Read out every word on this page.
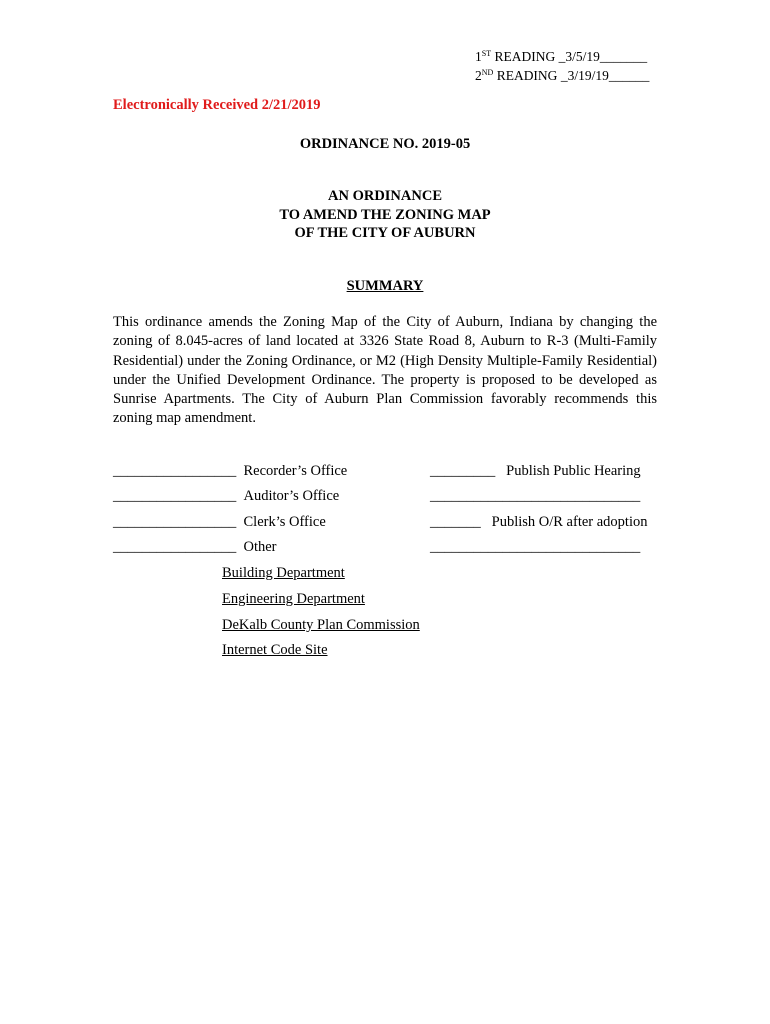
1ST READING _3/5/19_______
2ND READING _3/19/19______
Electronically Received 2/21/2019
ORDINANCE NO. 2019-05
AN ORDINANCE
TO AMEND THE ZONING MAP
OF THE CITY OF AUBURN
SUMMARY
This ordinance amends the Zoning Map of the City of Auburn, Indiana by changing the zoning of 8.045-acres of land located at 3326 State Road 8, Auburn to R-3 (Multi-Family Residential) under the Zoning Ordinance, or M2 (High Density Multiple-Family Residential) under the Unified Development Ordinance. The property is proposed to be developed as Sunrise Apartments. The City of Auburn Plan Commission favorably recommends this zoning map amendment.
_________________ Recorder’s Office
_________________ Auditor’s Office
_________________ Clerk’s Office
_________________ Other
_________ Publish Public Hearing
_____________________________
_______ Publish O/R after adoption
_____________________________
Building Department
Engineering Department
DeKalb County Plan Commission
Internet Code Site
